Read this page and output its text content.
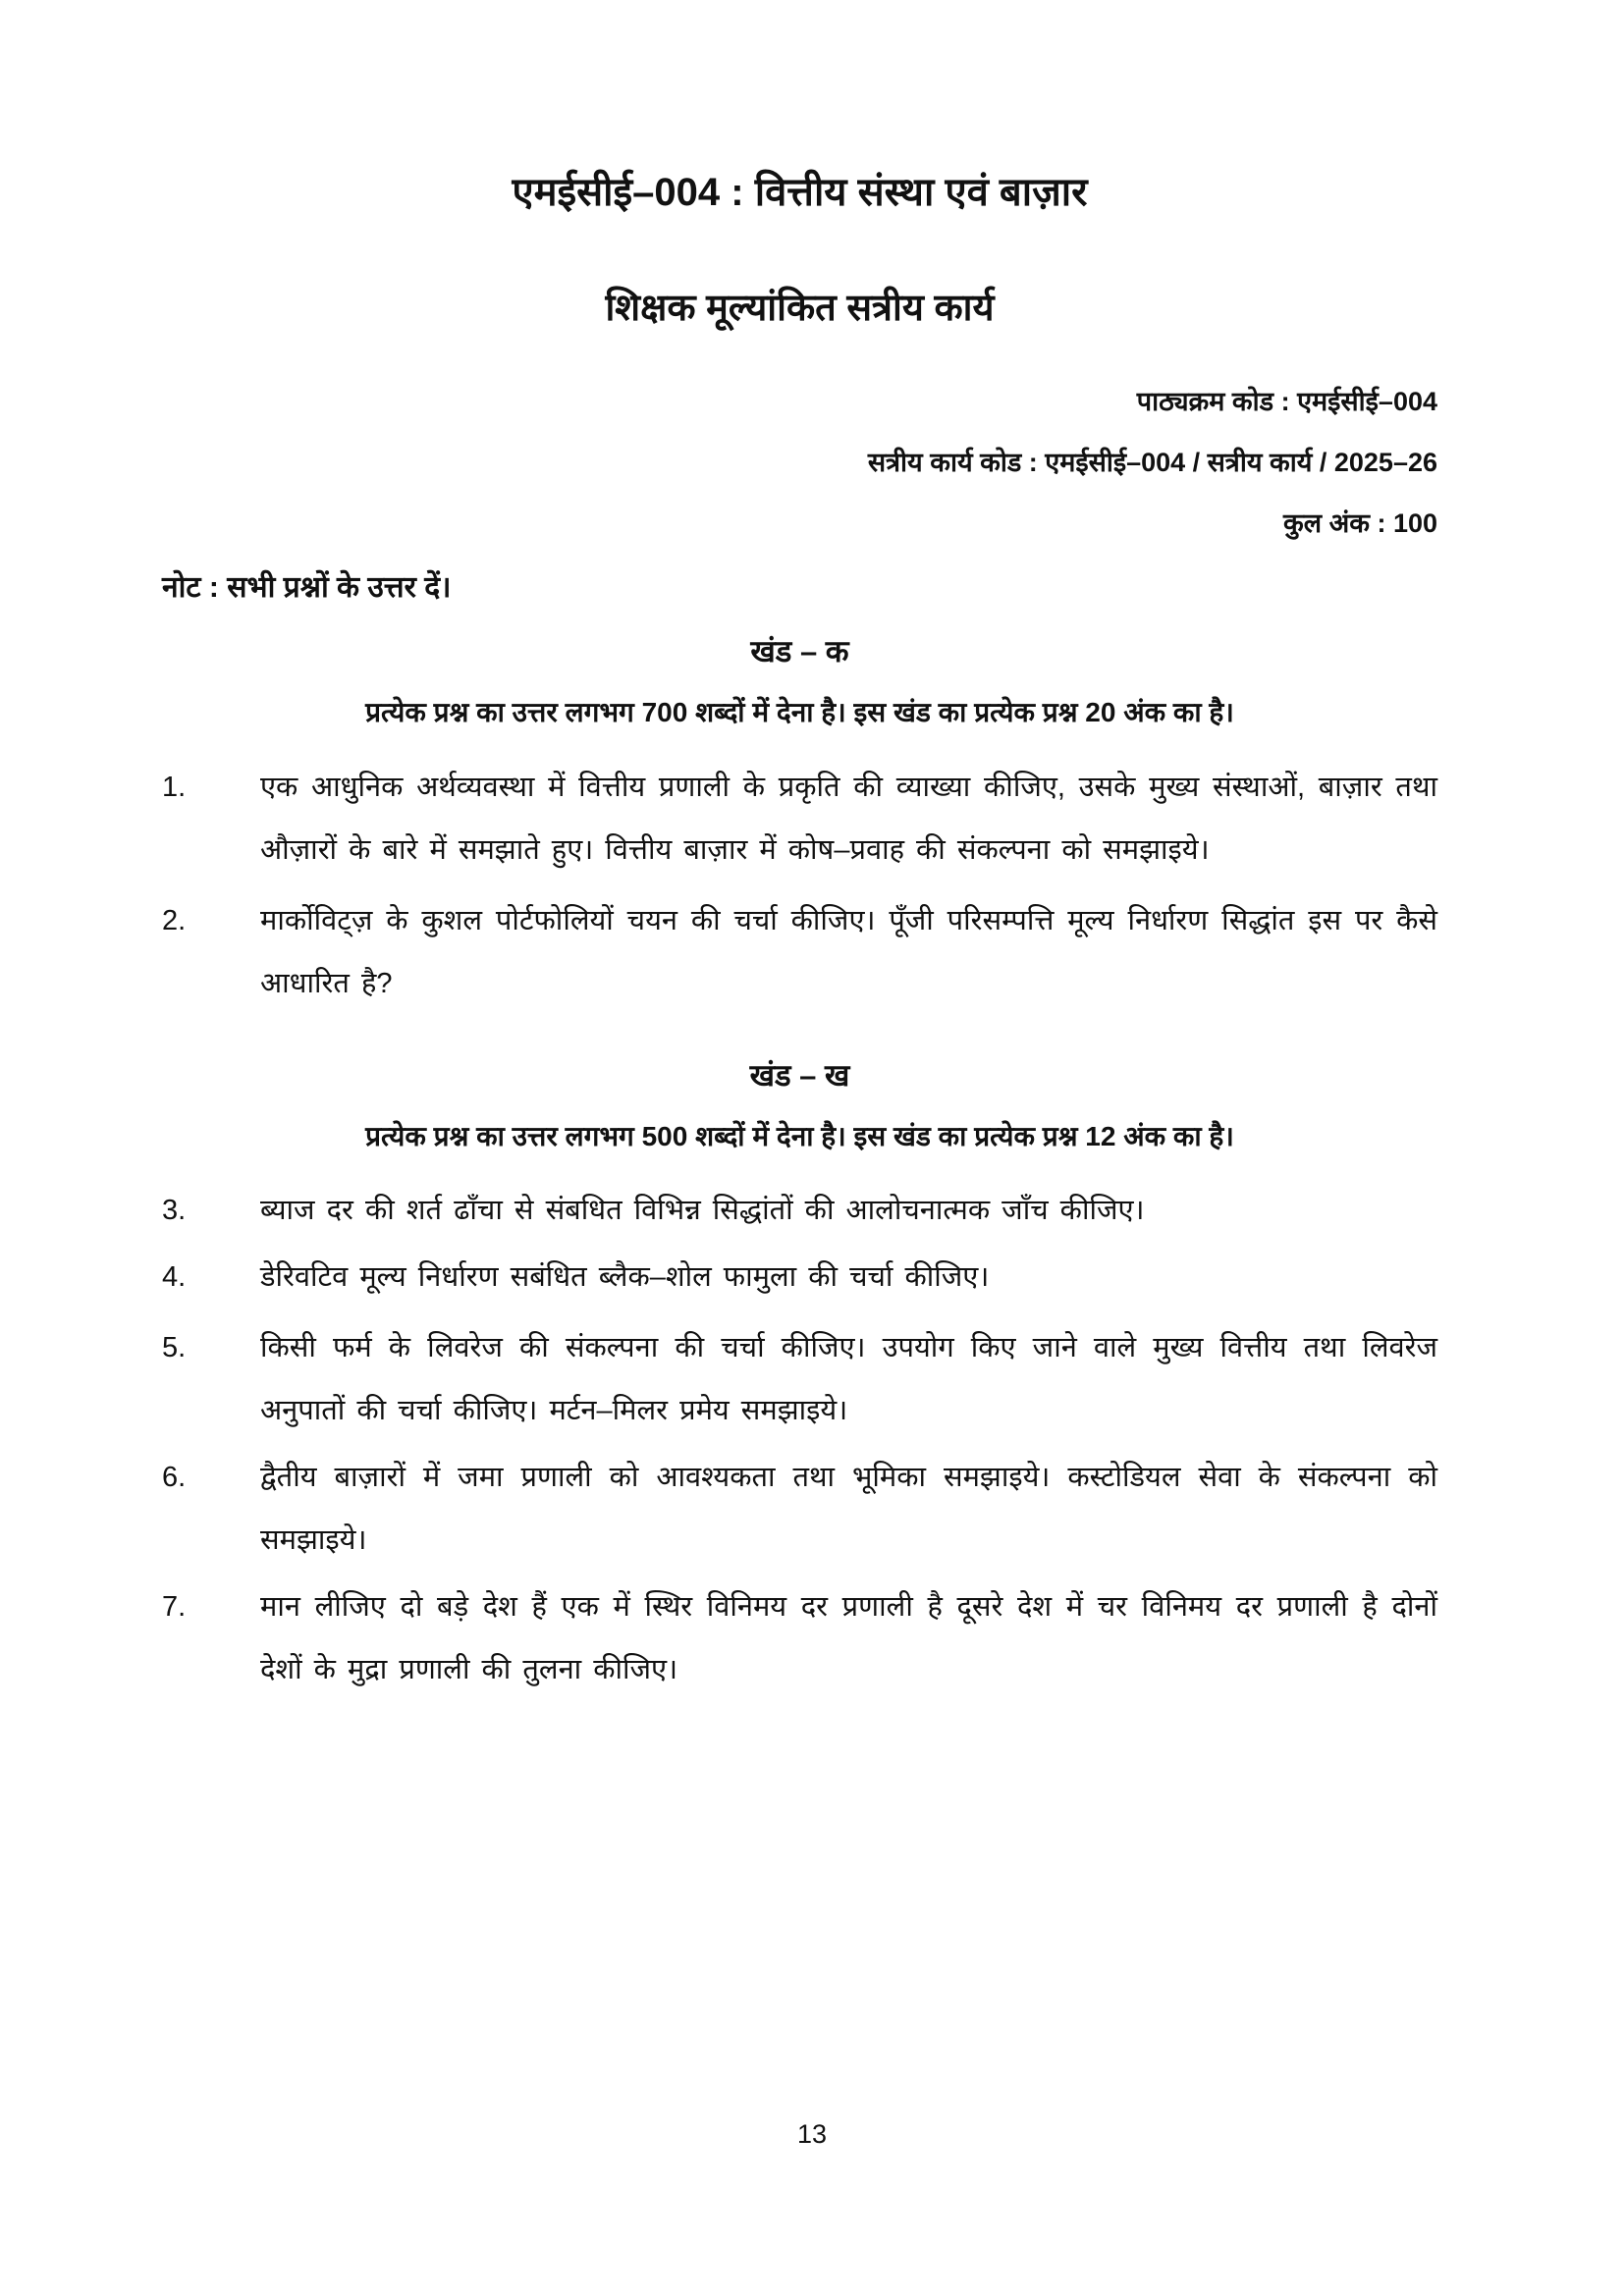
एमईसीई–004 : वित्तीय संस्था एवं बाज़ार
शिक्षक मूल्यांकित सत्रीय कार्य
पाठ्यक्रम कोड : एमईसीई–004
सत्रीय कार्य कोड : एमईसीई–004 / सत्रीय कार्य / 2025–26
कुल अंक : 100
नोट : सभी प्रश्नों के उत्तर दें।
खंड – क
प्रत्येक प्रश्न का उत्तर लगभग 700 शब्दों में देना है। इस खंड का प्रत्येक प्रश्न 20 अंक का है।
1.	एक आधुनिक अर्थव्यवस्था में वित्तीय प्रणाली के प्रकृति की व्याख्या कीजिए, उसके मुख्य संस्थाओं, बाज़ार तथा औज़ारों के बारे में समझाते हुए। वित्तीय बाज़ार में कोष–प्रवाह की संकल्पना को समझाइये।
2.	मार्कोविट्ज़ के कुशल पोर्टफोलियों चयन की चर्चा कीजिए। पूँजी परिसम्पत्ति मूल्य निर्धारण सिद्धांत इस पर कैसे आधारित है?
खंड – ख
प्रत्येक प्रश्न का उत्तर लगभग 500 शब्दों में देना है। इस खंड का प्रत्येक प्रश्न 12 अंक का है।
3.	ब्याज दर की शर्त ढाँचा से संबधित विभिन्न सिद्धांतों की आलोचनात्मक जाँच कीजिए।
4.	डेरिवटिव मूल्य निर्धारण सबंधित ब्लैक–शोल फामुला की चर्चा कीजिए।
5.	किसी फर्म के लिवरेज की संकल्पना की चर्चा कीजिए। उपयोग किए जाने वाले मुख्य वित्तीय तथा लिवरेज अनुपातों की चर्चा कीजिए। मर्टन–मिलर प्रमेय समझाइये।
6.	द्वैतीय बाज़ारों में जमा प्रणाली को आवश्यकता तथा भूमिका समझाइये। कस्टोडियल सेवा के संकल्पना को समझाइये।
7.	मान लीजिए दो बड़े देश हैं एक में स्थिर विनिमय दर प्रणाली है दूसरे देश में चर विनिमय दर प्रणाली है दोनों देशों के मुद्रा प्रणाली की तुलना कीजिए।
13
